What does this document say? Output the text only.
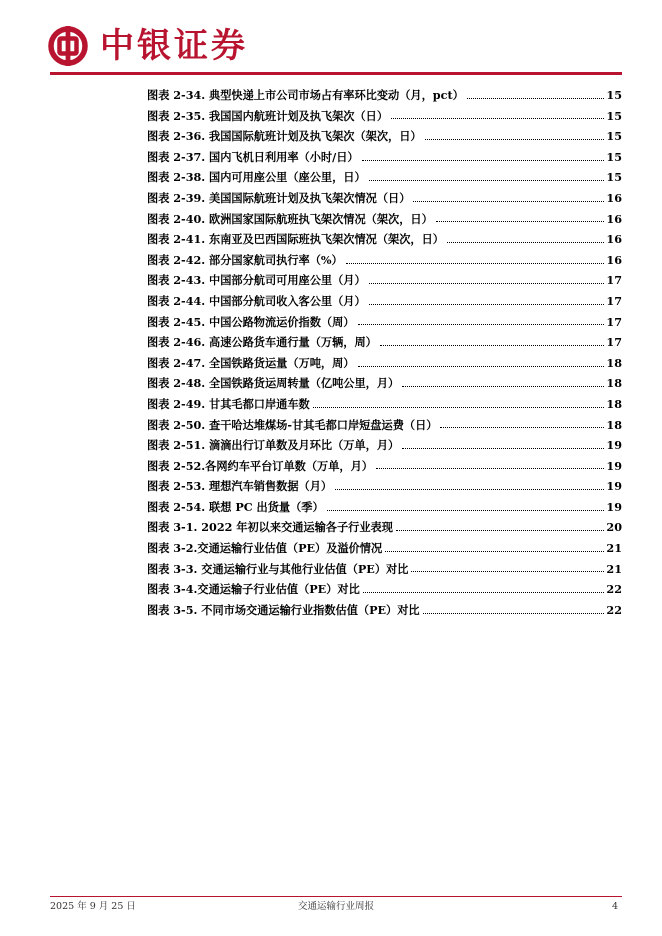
中银证券
图表 2-34. 典型快递上市公司市场占有率环比变动（月，pct）	15
图表 2-35. 我国国内航班计划及执飞架次（日）	15
图表 2-36. 我国国际航班计划及执飞架次（架次，日）	15
图表 2-37. 国内飞机日利用率（小时/日）	15
图表 2-38. 国内可用座公里（座公里，日）	15
图表 2-39. 美国国际航班计划及执飞架次情况（日）	16
图表 2-40. 欧洲国家国际航班执飞架次情况（架次，日）	16
图表 2-41. 东南亚及巴西国际班执飞架次情况（架次，日）	16
图表 2-42. 部分国家航司执行率（%）	16
图表 2-43. 中国部分航司可用座公里（月）	17
图表 2-44. 中国部分航司收入客公里（月）	17
图表 2-45. 中国公路物流运价指数（周）	17
图表 2-46. 高速公路货车通行量（万辆，周）	17
图表 2-47. 全国铁路货运量（万吨，周）	18
图表 2-48. 全国铁路货运周转量（亿吨公里，月）	18
图表 2-49. 甘其毛都口岸通车数	18
图表 2-50. 查干哈达堆煤场-甘其毛都口岸短盘运费（日）	18
图表 2-51. 滴滴出行订单数及月环比（万单，月）	19
图表 2-52.各网约车平台订单数（万单，月）	19
图表 2-53. 理想汽车销售数据（月）	19
图表 2-54. 联想 PC 出货量（季）	19
图表 3-1. 2022 年初以来交通运输各子行业表现	20
图表 3-2.交通运输行业估值（PE）及溢价情况	21
图表 3-3. 交通运输行业与其他行业估值（PE）对比	21
图表 3-4.交通运输子行业估值（PE）对比	22
图表 3-5. 不同市场交通运输行业指数估值（PE）对比	22
2025 年 9 月 25 日	交通运输行业周报	4
